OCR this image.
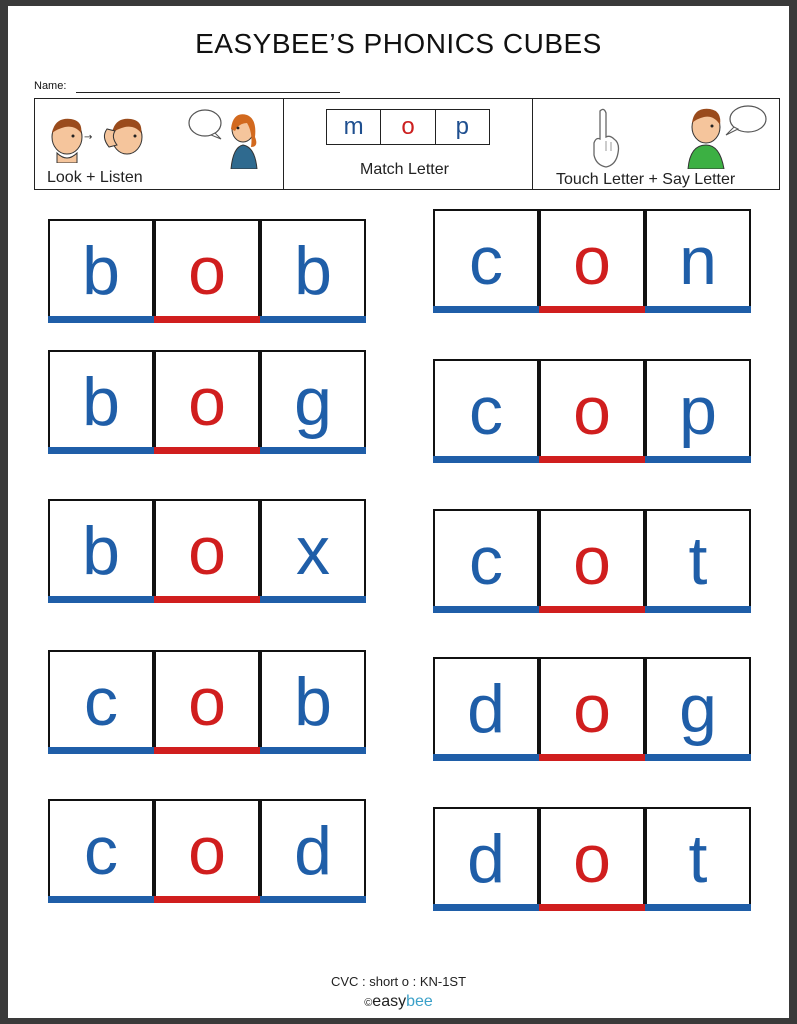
EASYBEE’S PHONICS CUBES
Name:
→
Look + Listen
m	o	p
Match Letter
Touch Letter + Say Letter
b	o	b
b	o	g
b	o	x
c	o	b
c	o	d
c	o	n
c	o	p
c	o	t
d	o	g
d	o	t
CVC : short o : KN-1ST
©easybee
